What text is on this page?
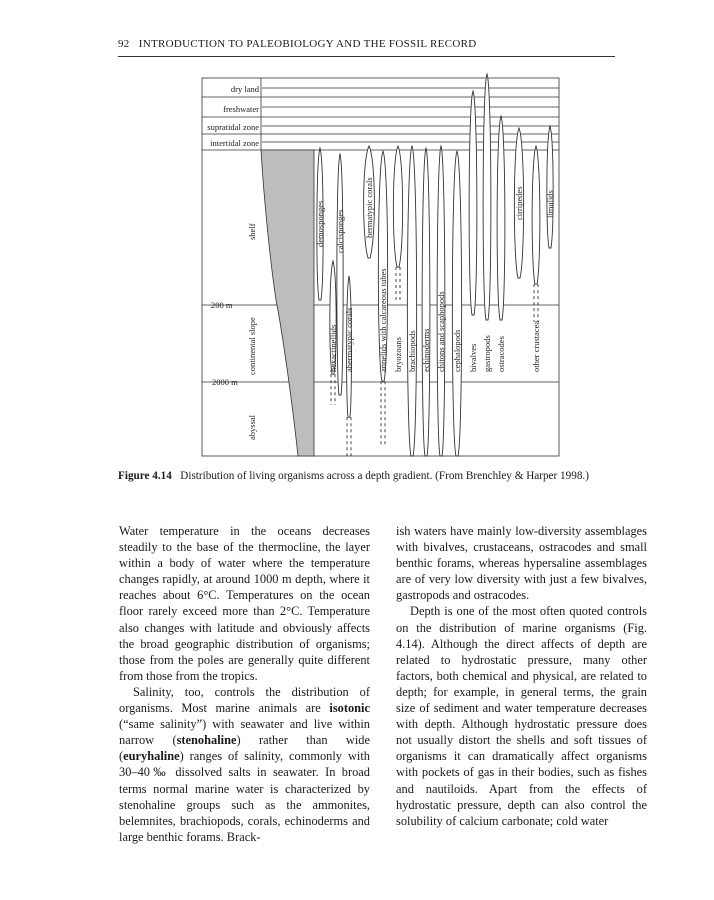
92 INTRODUCTION TO PALEOBIOLOGY AND THE FOSSIL RECORD
dry land
freshwater
supratidal zone
intertidal zone
200 m
2000 m
shelf
continental slope
abyssal
demosponges
hexactinellids
calcisponges
ahermatypic corals
hermatypic corals
annelids with calcareous tubes bryozoans brachiopods echinoderms chitons and scaphopods cephalopods bivalves gastropods ostracodes	other crustacea
cirripedes limulids
Figure 4.14 Distribution of living organisms across a depth gradient. (From Brenchley & Harper 1998.)

Water temperature in the oceans decreases steadily to the base of the thermocline, the layer within a body of water where the temperature changes rapidly, at around 1000 m depth, where it reaches about 6°C. Temperatures on the ocean floor rarely exceed more than 2°C. Temperature also changes with latitude and obviously affects the broad geographic distribution of organisms; those from the poles are generally quite different from those from the tropics.

Salinity, too, controls the distribution of organisms. Most marine animals are isotonic (“same salinity”) with seawater and live within narrow (stenohaline) rather than wide (euryhaline) ranges of salinity, commonly with 30–40‰ dissolved salts in seawater. In broad terms normal marine water is characterized by stenohaline groups such as the ammonites, belemnites, brachiopods, corals, echinoderms and large benthic forams. Brack-

ish waters have mainly low-diversity assemblages with bivalves, crustaceans, ostracodes and small benthic forams, whereas hypersaline assemblages are of very low diversity with just a few bivalves, gastropods and ostracodes.

Depth is one of the most often quoted controls on the distribution of marine organisms (Fig. 4.14). Although the direct affects of depth are related to hydrostatic pressure, many other factors, both chemical and physical, are related to depth; for example, in general terms, the grain size of sediment and water temperature decreases with depth. Although hydrostatic pressure does not usually distort the shells and soft tissues of organisms it can dramatically affect organisms with pockets of gas in their bodies, such as fishes and nautiloids. Apart from the effects of hydrostatic pressure, depth can also control the solubility of calcium carbonate; cold water
